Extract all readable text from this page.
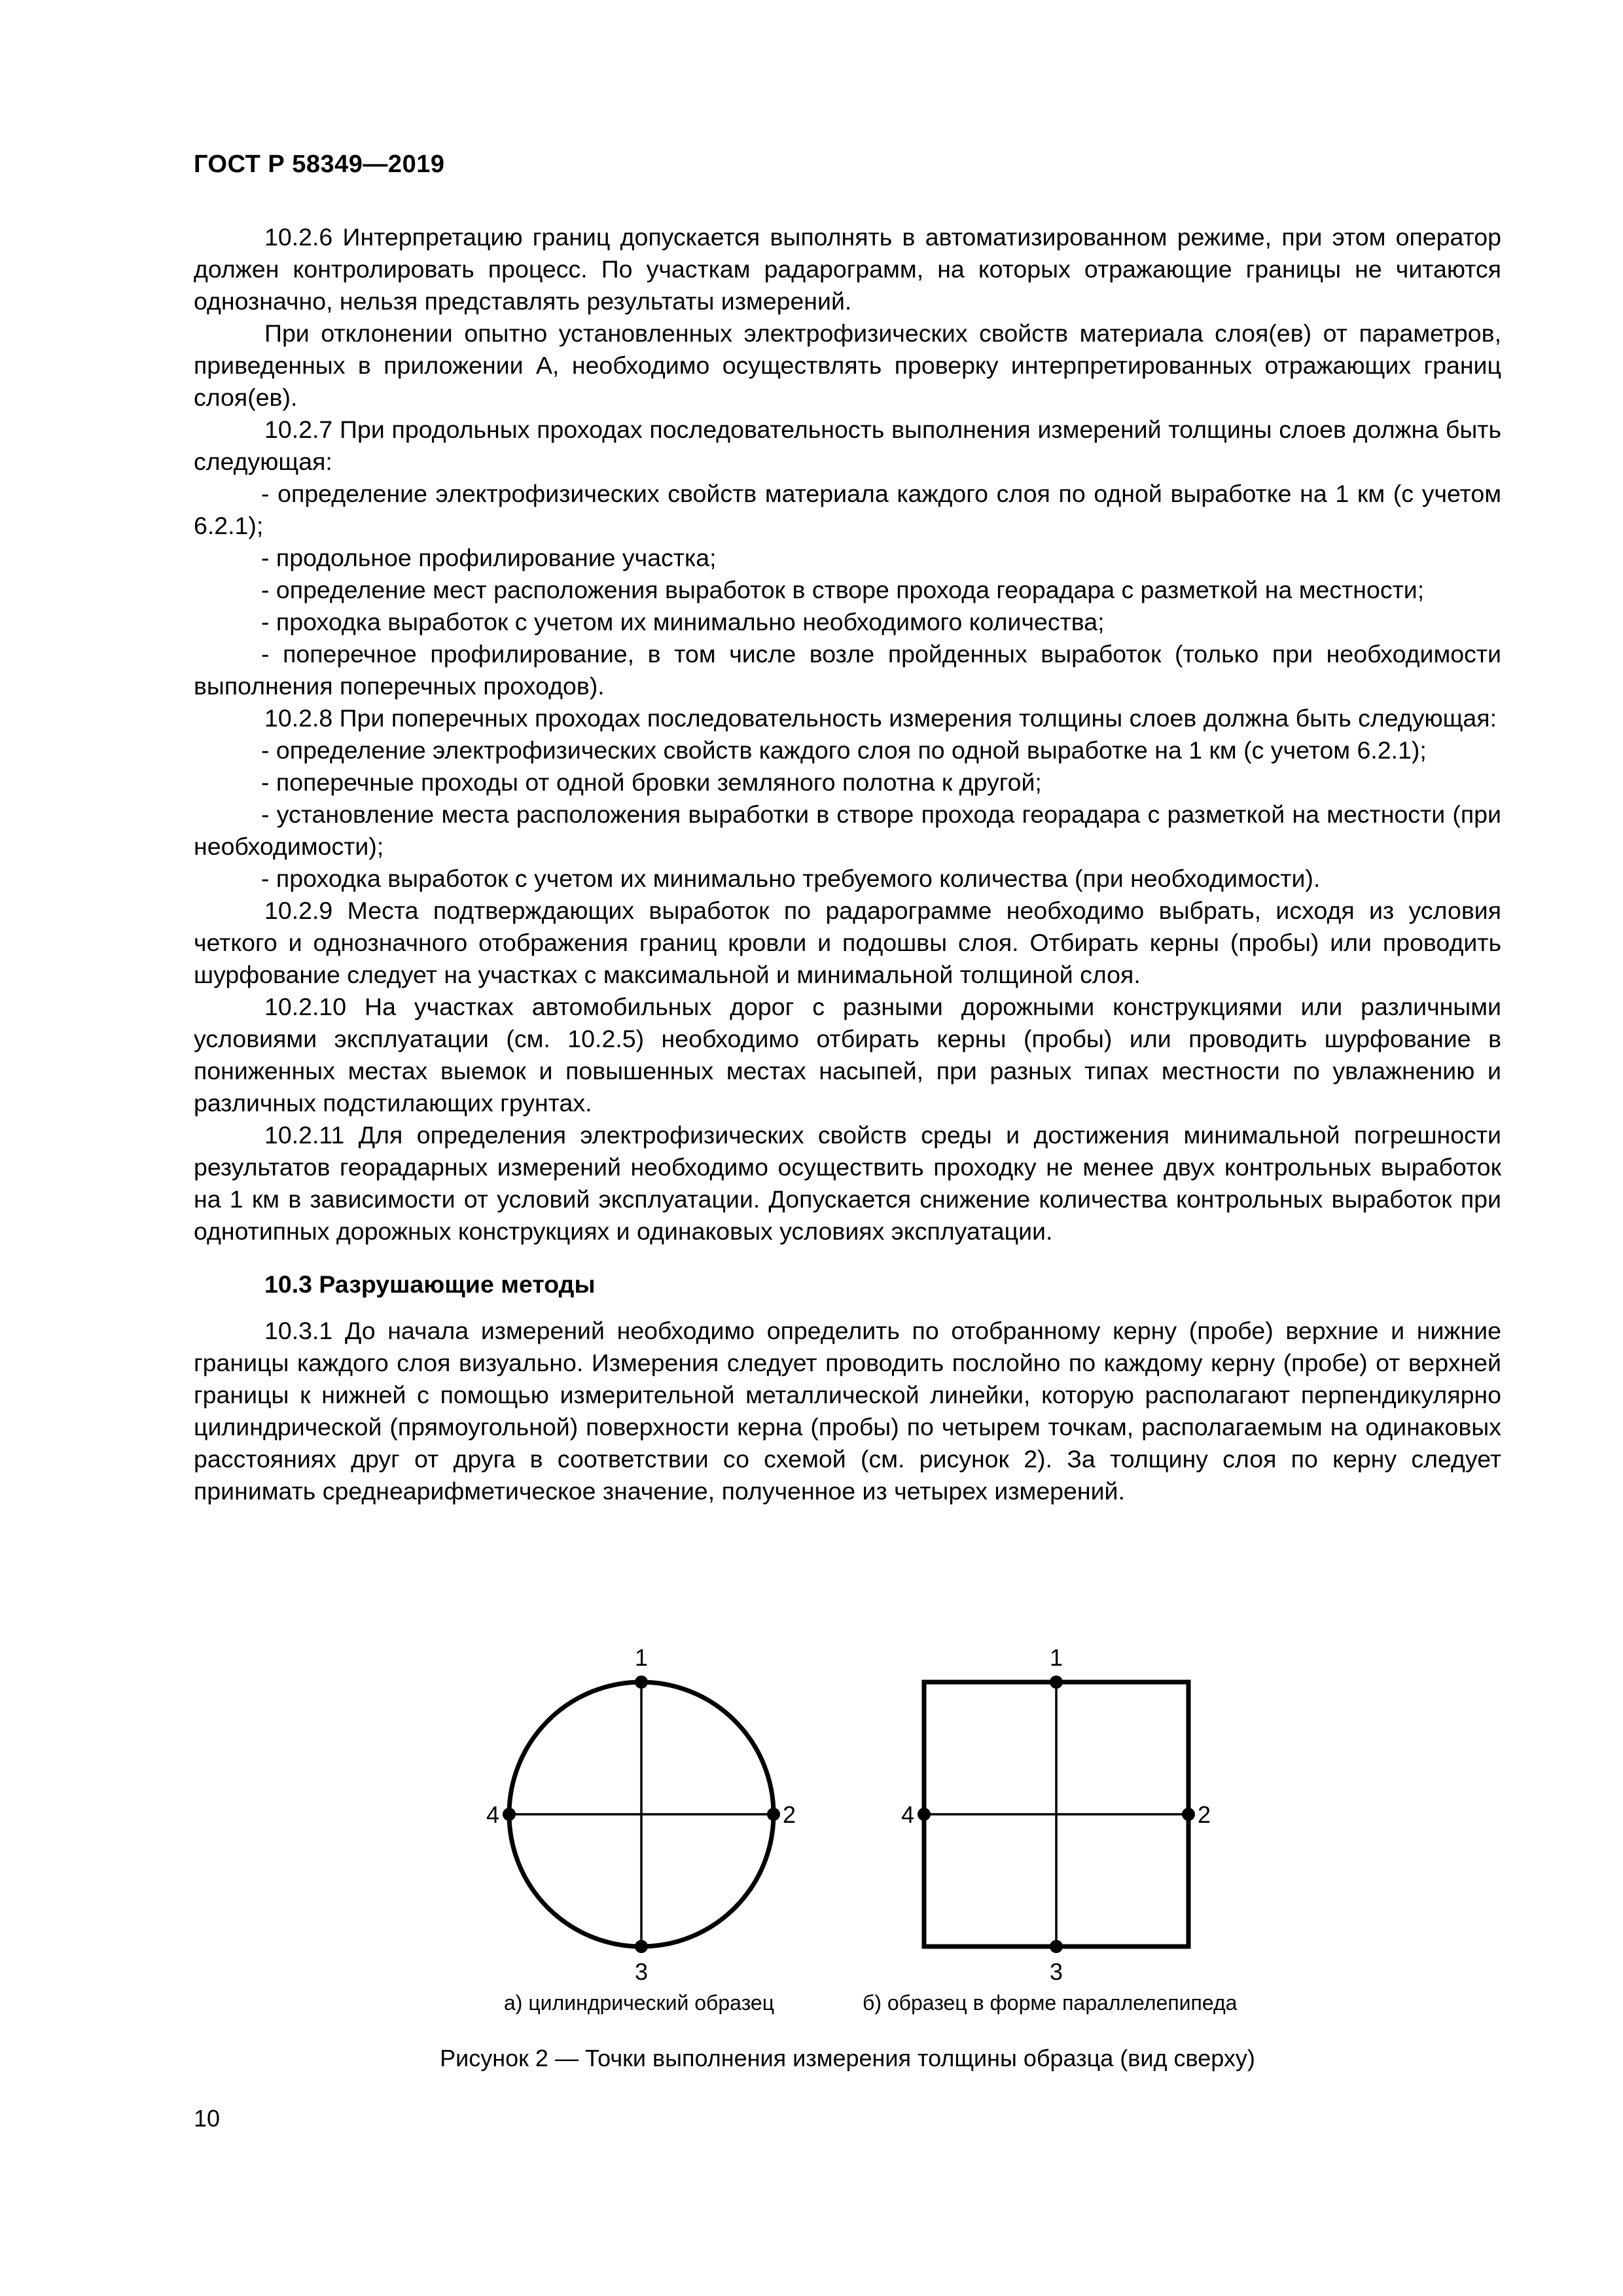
ГОСТ Р 58349—2019

10.2.6 Интерпретацию границ допускается выполнять в автоматизированном режиме, при этом оператор должен контролировать процесс. По участкам радарограмм, на которых отражающие границы не читаются однозначно, нельзя представлять результаты измерений.

При отклонении опытно установленных электрофизических свойств материала слоя(ев) от параметров, приведенных в приложении А, необходимо осуществлять проверку интерпретированных отражающих границ слоя(ев).

10.2.7 При продольных проходах последовательность выполнения измерений толщины слоев должна быть следующая:

- определение электрофизических свойств материала каждого слоя по одной выработке на 1 км (с учетом 6.2.1);

- продольное профилирование участка;

- определение мест расположения выработок в створе прохода георадара с разметкой на местности;

- проходка выработок с учетом их минимально необходимого количества;

- поперечное профилирование, в том числе возле пройденных выработок (только при необходимости выполнения поперечных проходов).

10.2.8 При поперечных проходах последовательность измерения толщины слоев должна быть следующая:

- определение электрофизических свойств каждого слоя по одной выработке на 1 км (с учетом 6.2.1);

- поперечные проходы от одной бровки земляного полотна к другой;

- установление места расположения выработки в створе прохода георадара с разметкой на местности (при необходимости);

- проходка выработок с учетом их минимально требуемого количества (при необходимости).

10.2.9 Места подтверждающих выработок по радарограмме необходимо выбрать, исходя из условия четкого и однозначного отображения границ кровли и подошвы слоя. Отбирать керны (пробы) или проводить шурфование следует на участках с максимальной и минимальной толщиной слоя.

10.2.10 На участках автомобильных дорог с разными дорожными конструкциями или различными условиями эксплуатации (см. 10.2.5) необходимо отбирать керны (пробы) или проводить шурфование в пониженных местах выемок и повышенных местах насыпей, при разных типах местности по увлажнению и различных подстилающих грунтах.

10.2.11 Для определения электрофизических свойств среды и достижения минимальной погрешности результатов георадарных измерений необходимо осуществить проходку не менее двух контрольных выработок на 1 км в зависимости от условий эксплуатации. Допускается снижение количества контрольных выработок при однотипных дорожных конструкциях и одинаковых условиях эксплуатации.

10.3 Разрушающие методы

10.3.1 До начала измерений необходимо определить по отобранному керну (пробе) верхние и нижние границы каждого слоя визуально. Измерения следует проводить послойно по каждому керну (пробе) от верхней границы к нижней с помощью измерительной металлической линейки, которую располагают перпендикулярно цилиндрической (прямоугольной) поверхности керна (пробы) по четырем точкам, располагаемым на одинаковых расстояниях друг от друга в соответствии со схемой (см. рисунок 2). За толщину слоя по керну следует принимать среднеарифметическое значение, полученное из четырех измерений.

1
2
3
4
1
2
3
4
а) цилиндрический образец	б) образец в форме параллелепипеда
Рисунок 2 — Точки выполнения измерения толщины образца (вид сверху)
10
